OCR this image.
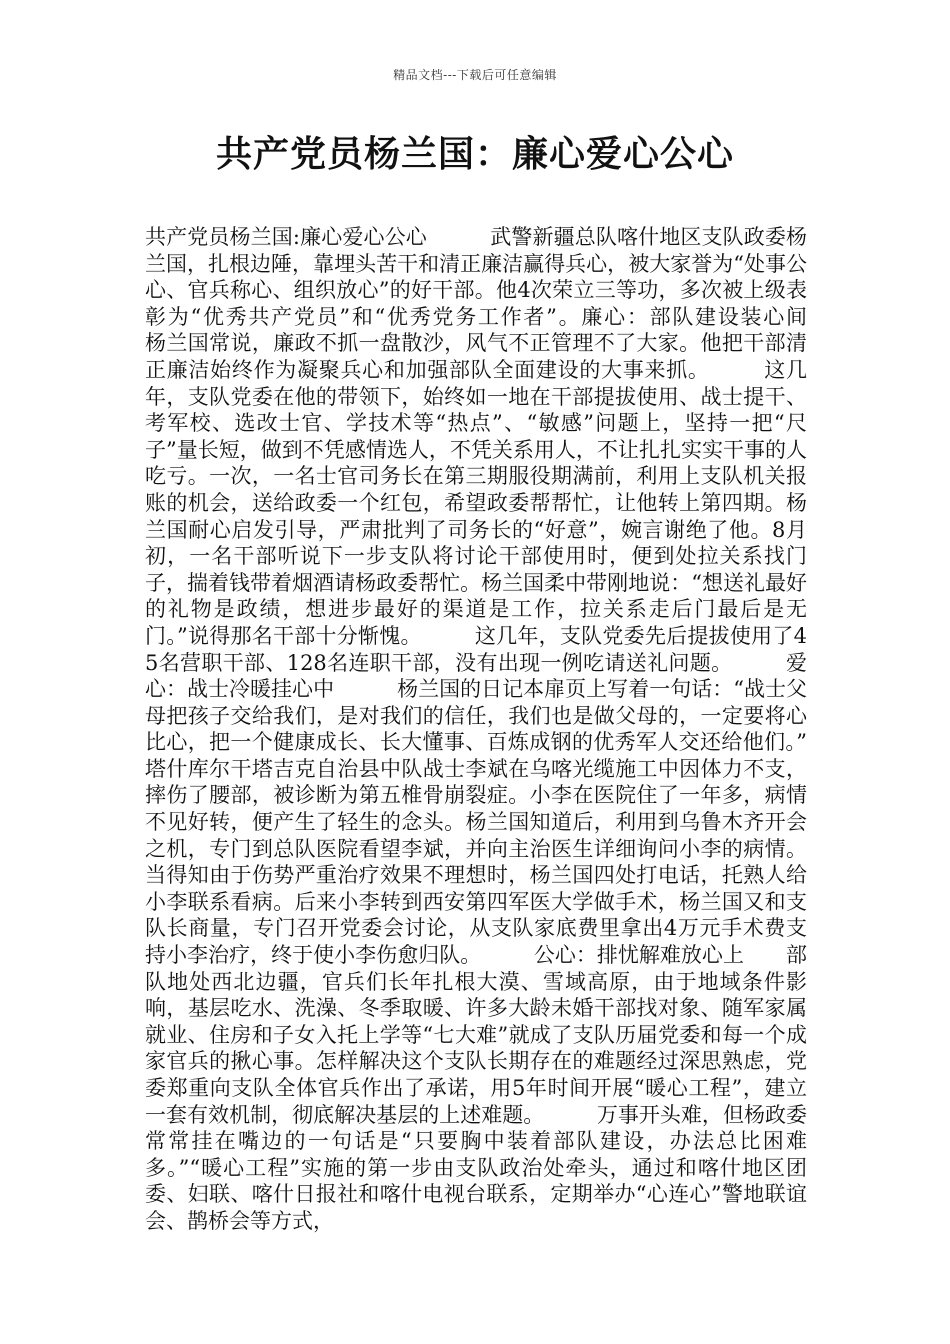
精品文档---下载后可任意编辑
共产党员杨兰国：廉心爱心公心

共产党员杨兰国:廉心爱心公心　　　武警新疆总队喀什地区支队政委杨兰国，扎根边陲，靠埋头苦干和清正廉洁赢得兵心，被大家誉为“处事公心、官兵称心、组织放心”的好干部。他4次荣立三等功，多次被上级表彰为“优秀共产党员”和“优秀党务工作者”。廉心：部队建设装心间　　　杨兰国常说，廉政不抓一盘散沙，风气不正管理不了大家。他把干部清正廉洁始终作为凝聚兵心和加强部队全面建设的大事来抓。　　　这几年，支队党委在他的带领下，始终如一地在干部提拔使用、战士提干、考军校、选改士官、学技术等“热点”、“敏感”问题上，坚持一把“尺子”量长短，做到不凭感情选人，不凭关系用人，不让扎扎实实干事的人吃亏。一次，一名士官司务长在第三期服役期满前，利用上支队机关报账的机会，送给政委一个红包，希望政委帮帮忙，让他转上第四期。杨兰国耐心启发引导，严肃批判了司务长的“好意”，婉言谢绝了他。8月初，一名干部听说下一步支队将讨论干部使用时，便到处拉关系找门子，揣着钱带着烟酒请杨政委帮忙。杨兰国柔中带刚地说：“想送礼最好的礼物是政绩，想进步最好的渠道是工作，拉关系走后门最后是无门。”说得那名干部十分惭愧。　　　这几年，支队党委先后提拔使用了45名营职干部、128名连职干部，没有出现一例吃请送礼问题。　　　爱心：战士冷暖挂心中　　　杨兰国的日记本扉页上写着一句话：“战士父母把孩子交给我们，是对我们的信任，我们也是做父母的，一定要将心比心，把一个健康成长、长大懂事、百炼成钢的优秀军人交还给他们。”　　　塔什库尔干塔吉克自治县中队战士李斌在乌喀光缆施工中因体力不支，摔伤了腰部，被诊断为第五椎骨崩裂症。小李在医院住了一年多，病情不见好转，便产生了轻生的念头。杨兰国知道后，利用到乌鲁木齐开会之机，专门到总队医院看望李斌，并向主治医生详细询问小李的病情。当得知由于伤势严重治疗效果不理想时，杨兰国四处打电话，托熟人给小李联系看病。后来小李转到西安第四军医大学做手术，杨兰国又和支队长商量，专门召开党委会讨论，从支队家底费里拿出4万元手术费支持小李治疗，终于使小李伤愈归队。　　　公心：排忧解难放心上　　部队地处西北边疆，官兵们长年扎根大漠、雪域高原，由于地域条件影响，基层吃水、洗澡、冬季取暖、许多大龄未婚干部找对象、随军家属就业、住房和子女入托上学等“七大难”就成了支队历届党委和每一个成家官兵的揪心事。怎样解决这个支队长期存在的难题经过深思熟虑，党委郑重向支队全体官兵作出了承诺，用5年时间开展“暖心工程”，建立一套有效机制，彻底解决基层的上述难题。　　　万事开头难，但杨政委常常挂在嘴边的一句话是“只要胸中装着部队建设，办法总比困难多。”“暖心工程”实施的第一步由支队政治处牵头，通过和喀什地区团委、妇联、喀什日报社和喀什电视台联系，定期举办“心连心”警地联谊会、鹊桥会等方式，
